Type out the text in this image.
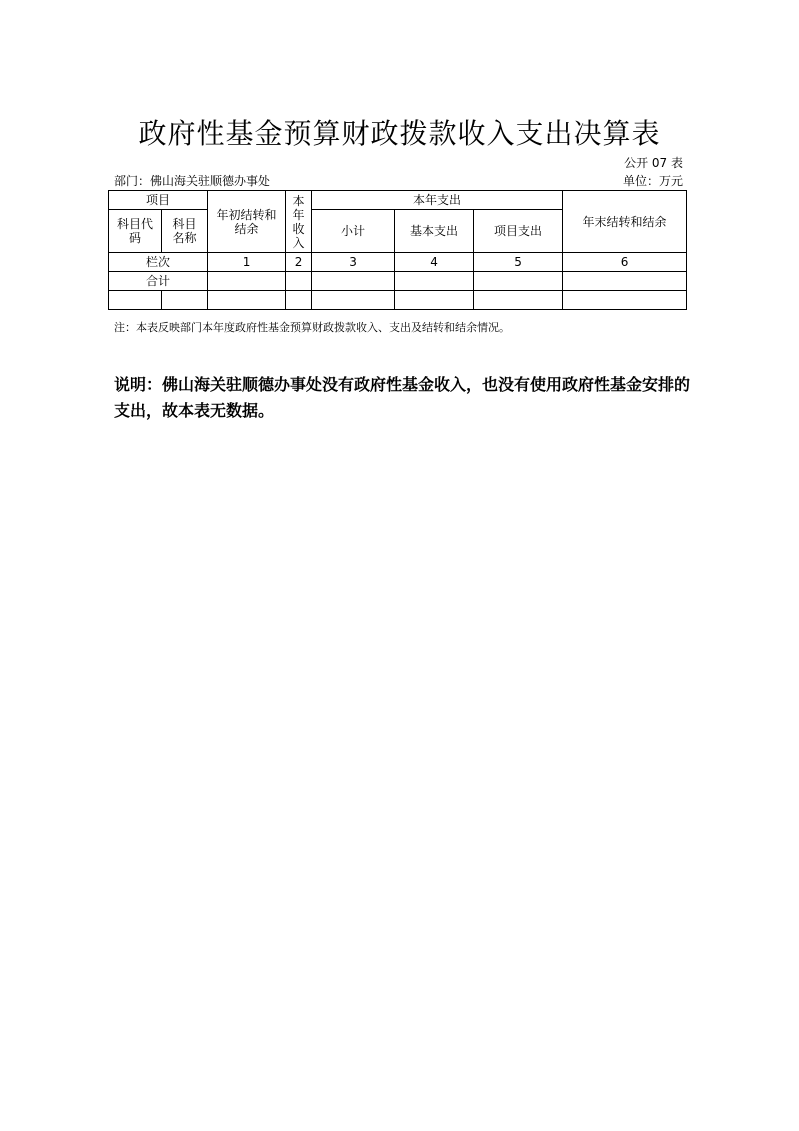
政府性基金预算财政拨款收入支出决算表
公开 07 表
部门：佛山海关驻顺德办事处	单位：万元
项目		年初结转和结余	本年收入	本年支出			年末结转和结余

科目代码	科目名称			小计	基本支出	项目支出	
栏次		1	2	3	4	5	6
合计							

注：本表反映部门本年度政府性基金预算财政拨款收入、支出及结转和结余情况。
说明：佛山海关驻顺德办事处没有政府性基金收入，也没有使用政府性基金安排的支出，故本表无数据。
